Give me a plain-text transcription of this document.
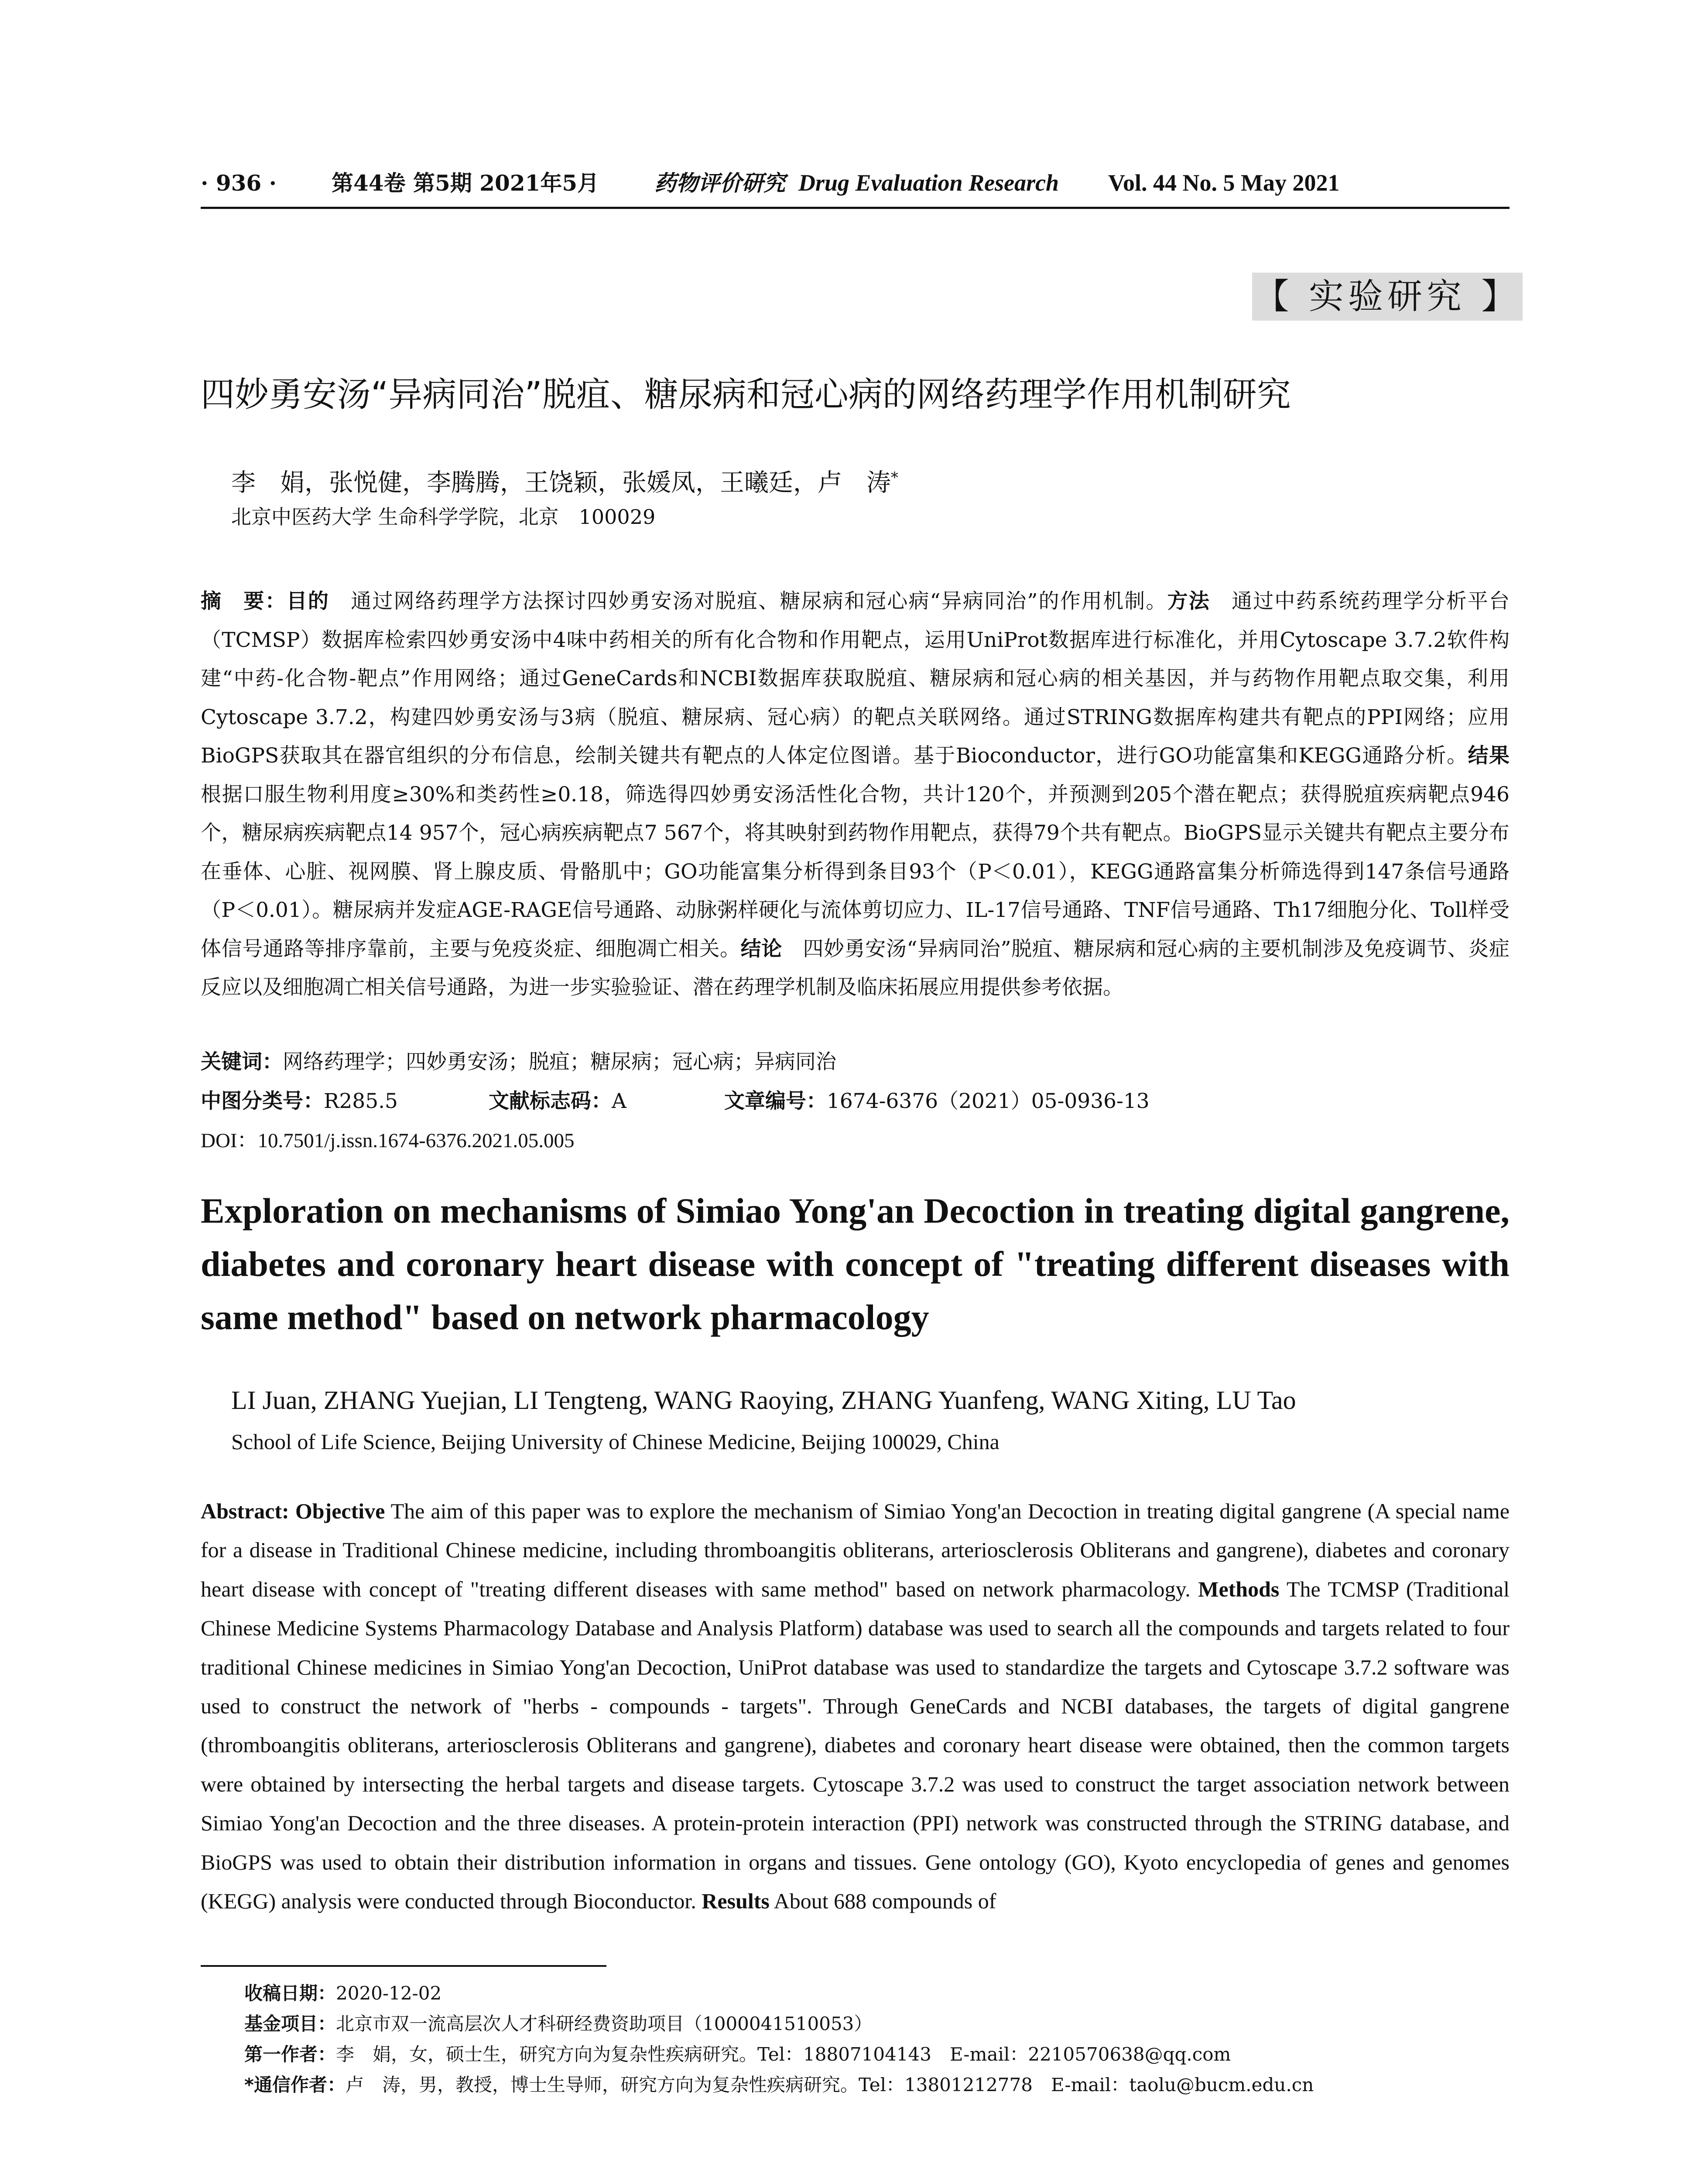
· 936 ·	第44卷 第5期 2021年5月	药物评价研究 Drug Evaluation Research	Vol. 44 No. 5 May 2021
【 实验研究 】
四妙勇安汤“异病同治”脱疽、糖尿病和冠心病的网络药理学作用机制研究
李　娟，张悦健，李腾腾，王饶颖，张媛凤，王曦廷，卢　涛*
北京中医药大学 生命科学学院，北京　100029
摘　要：目的　 通过网络药理学方法探讨四妙勇安汤对脱疽、糖尿病和冠心病“异病同治”的作用机制。方法　 通过中药系统药理学分析平台（TCMSP）数据库检索四妙勇安汤中4味中药相关的所有化合物和作用靶点，运用UniProt数据库进行标准化，并用Cytoscape 3.7.2软件构建“中药-化合物-靶点”作用网络；通过GeneCards和NCBI数据库获取脱疽、糖尿病和冠心病的相关基因，并与药物作用靶点取交集，利用Cytoscape 3.7.2，构建四妙勇安汤与3病（脱疽、糖尿病、冠心病）的靶点关联网络。通过STRING数据库构建共有靶点的PPI网络；应用BioGPS获取其在器官组织的分布信息，绘制关键共有靶点的人体定位图谱。基于Bioconductor，进行GO功能富集和KEGG通路分析。结果　根据口服生物利用度≥30%和类药性≥0.18，筛选得四妙勇安汤活性化合物，共计120个，并预测到205个潜在靶点；获得脱疽疾病靶点946个，糖尿病疾病靶点14 957个，冠心病疾病靶点7 567个，将其映射到药物作用靶点，获得79个共有靶点。BioGPS显示关键共有靶点主要分布在垂体、心脏、视网膜、肾上腺皮质、骨骼肌中；GO功能富集分析得到条目93个（P＜0.01），KEGG通路富集分析筛选得到147条信号通路（P＜0.01）。糖尿病并发症AGE-RAGE信号通路、动脉粥样硬化与流体剪切应力、IL-17信号通路、TNF信号通路、Th17细胞分化、Toll样受体信号通路等排序靠前，主要与免疫炎症、细胞凋亡相关。结论　 四妙勇安汤“异病同治”脱疽、糖尿病和冠心病的主要机制涉及免疫调节、炎症反应以及细胞凋亡相关信号通路，为进一步实验验证、潜在药理学机制及临床拓展应用提供参考依据。
关键词：网络药理学；四妙勇安汤；脱疽；糖尿病；冠心病；异病同治
中图分类号：R285.5	文献标志码：A	文章编号：1674-6376（2021）05-0936-13
DOI：10.7501/j.issn.1674-6376.2021.05.005
Exploration on mechanisms of Simiao Yong'an Decoction in treating digital gangrene, diabetes and coronary heart disease with concept of "treating different diseases with same method" based on network pharmacology
LI Juan, ZHANG Yuejian, LI Tengteng, WANG Raoying, ZHANG Yuanfeng, WANG Xiting, LU Tao
School of Life Science, Beijing University of Chinese Medicine, Beijing 100029, China
Abstract: Objective The aim of this paper was to explore the mechanism of Simiao Yong'an Decoction in treating digital gangrene (A special name for a disease in Traditional Chinese medicine, including thromboangitis obliterans, arteriosclerosis Obliterans and gangrene), diabetes and coronary heart disease with concept of "treating different diseases with same method" based on network pharmacology. Methods The TCMSP (Traditional Chinese Medicine Systems Pharmacology Database and Analysis Platform) database was used to search all the compounds and targets related to four traditional Chinese medicines in Simiao Yong'an Decoction, UniProt database was used to standardize the targets and Cytoscape 3.7.2 software was used to construct the network of "herbs - compounds - targets". Through GeneCards and NCBI databases, the targets of digital gangrene (thromboangitis obliterans, arteriosclerosis Obliterans and gangrene), diabetes and coronary heart disease were obtained, then the common targets were obtained by intersecting the herbal targets and disease targets. Cytoscape 3.7.2 was used to construct the target association network between Simiao Yong'an Decoction and the three diseases. A protein-protein interaction (PPI) network was constructed through the STRING database, and BioGPS was used to obtain their distribution information in organs and tissues. Gene ontology (GO), Kyoto encyclopedia of genes and genomes (KEGG) analysis were conducted through Bioconductor. Results About 688 compounds of
收稿日期：2020-12-02
基金项目：北京市双一流高层次人才科研经费资助项目（1000041510053）
第一作者：李　娟，女，硕士生，研究方向为复杂性疾病研究。Tel：18807104143　E-mail：2210570638@qq.com
*通信作者：卢　涛，男，教授，博士生导师，研究方向为复杂性疾病研究。Tel：13801212778　E-mail：taolu@bucm.edu.cn
